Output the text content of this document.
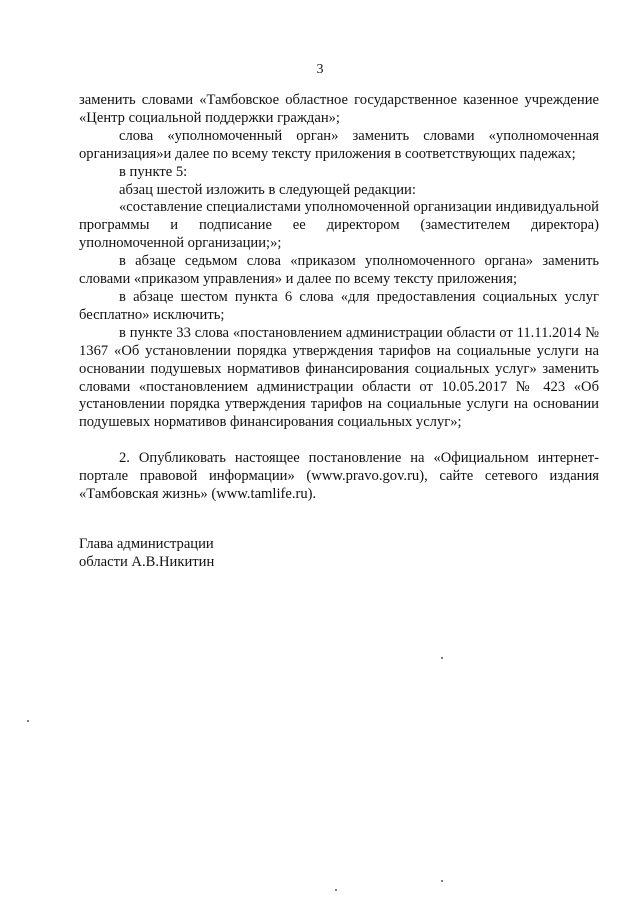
3

заменить словами «Тамбовское областное государственное казенное учреждение «Центр социальной поддержки граждан»;

слова «уполномоченный орган» заменить словами «уполномоченная организация»и далее по всему тексту приложения в соответствующих падежах;

в пункте 5:

абзац шестой изложить в следующей редакции:

«составление специалистами уполномоченной организации индивидуальной программы и подписание ее директором (заместителем директора) уполномоченной организации;»;

в абзаце седьмом слова «приказом уполномоченного органа» заменить словами «приказом управления» и далее по всему тексту приложения;

в абзаце шестом пункта 6 слова «для предоставления социальных услуг бесплатно» исключить;

в пункте 33 слова «постановлением администрации области от 11.11.2014 № 1367 «Об установлении порядка утверждения тарифов на социальные услуги на основании подушевых нормативов финансирования социальных услуг» заменить словами «постановлением администрации области от 10.05.2017 № 423 «Об установлении порядка утверждения тарифов на социальные услуги на основании подушевых нормативов финансирования социальных услуг»;

2. Опубликовать настоящее постановление на «Официальном интернет-портале правовой информации» (www.pravo.gov.ru), сайте сетевого издания «Тамбовская жизнь» (www.tamlife.ru).

Глава администрации
области А.В.Никитин
